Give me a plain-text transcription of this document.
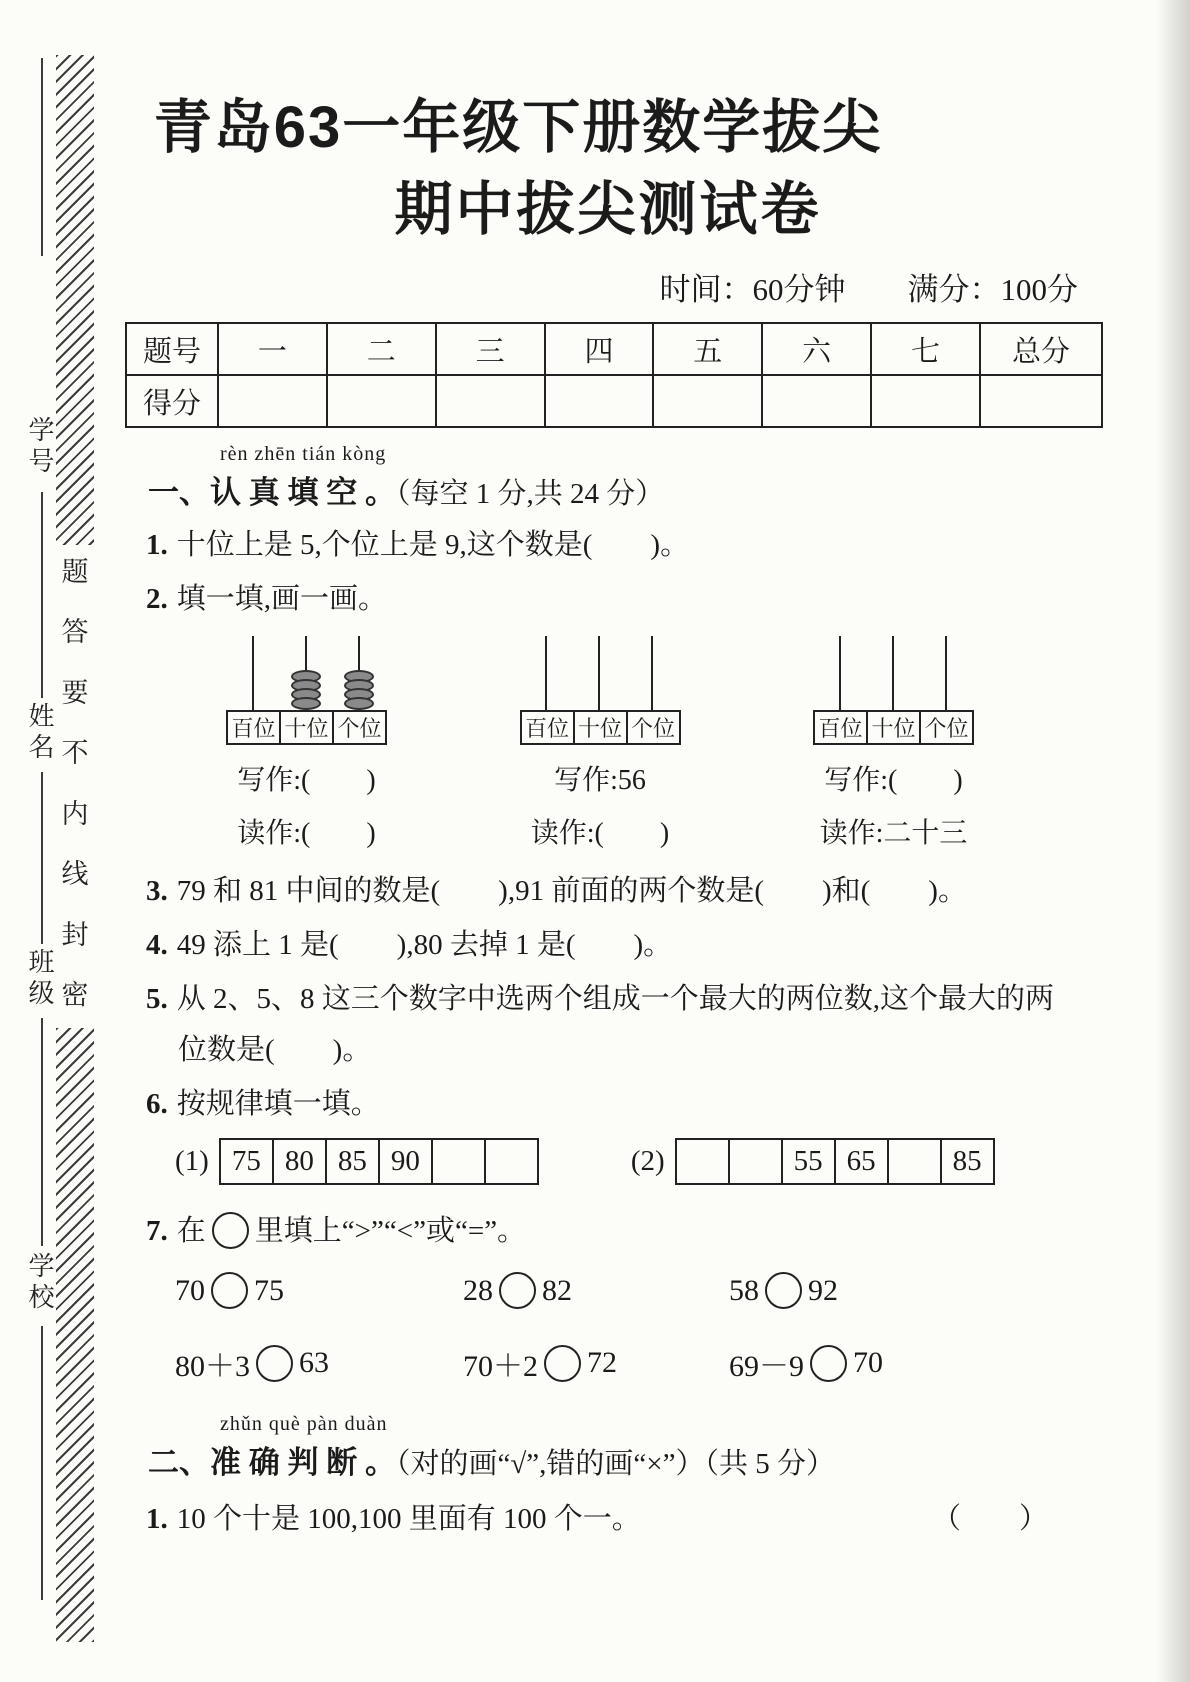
题
答
要
不
内
线
封
密
学号
姓名
班级
学校
青岛63一年级下册数学拔尖
期中拔尖测试卷
时间：60分钟　　满分：100分
题号	一	二	三	四	五	六	七	总分
得分								
rèn zhēn tián kòng
一、认 真 填 空 。（每空 1 分,共 24 分）
1. 十位上是 5,个位上是 9,这个数是(　　)。
2. 填一填,画一画。
百位	十位	个位
写作:(　　)
读作:(　　)
百位	十位	个位
写作:56
读作:(　　)
百位	十位	个位
写作:(　　)
读作:二十三
3. 79 和 81 中间的数是(　　),91 前面的两个数是(　　)和(　　)。
4. 49 添上 1 是(　　),80 去掉 1 是(　　)。
5. 从 2、5、8 这三个数字中选两个组成一个最大的两位数,这个最大的两
位数是(　　)。
6. 按规律填一填。
(1) 75	80	85	90			(2)
			55	65		85
7. 在 里填上“>”“<”或“=”。
70 75	28 82	58 92
80＋3 63	70＋2 72	69－9 70
zhǔn què pàn duàn
二、准 确 判 断 。（对的画“√”,错的画“×”）（共 5 分）
1. 10 个十是 100,100 里面有 100 个一。	（　　）
